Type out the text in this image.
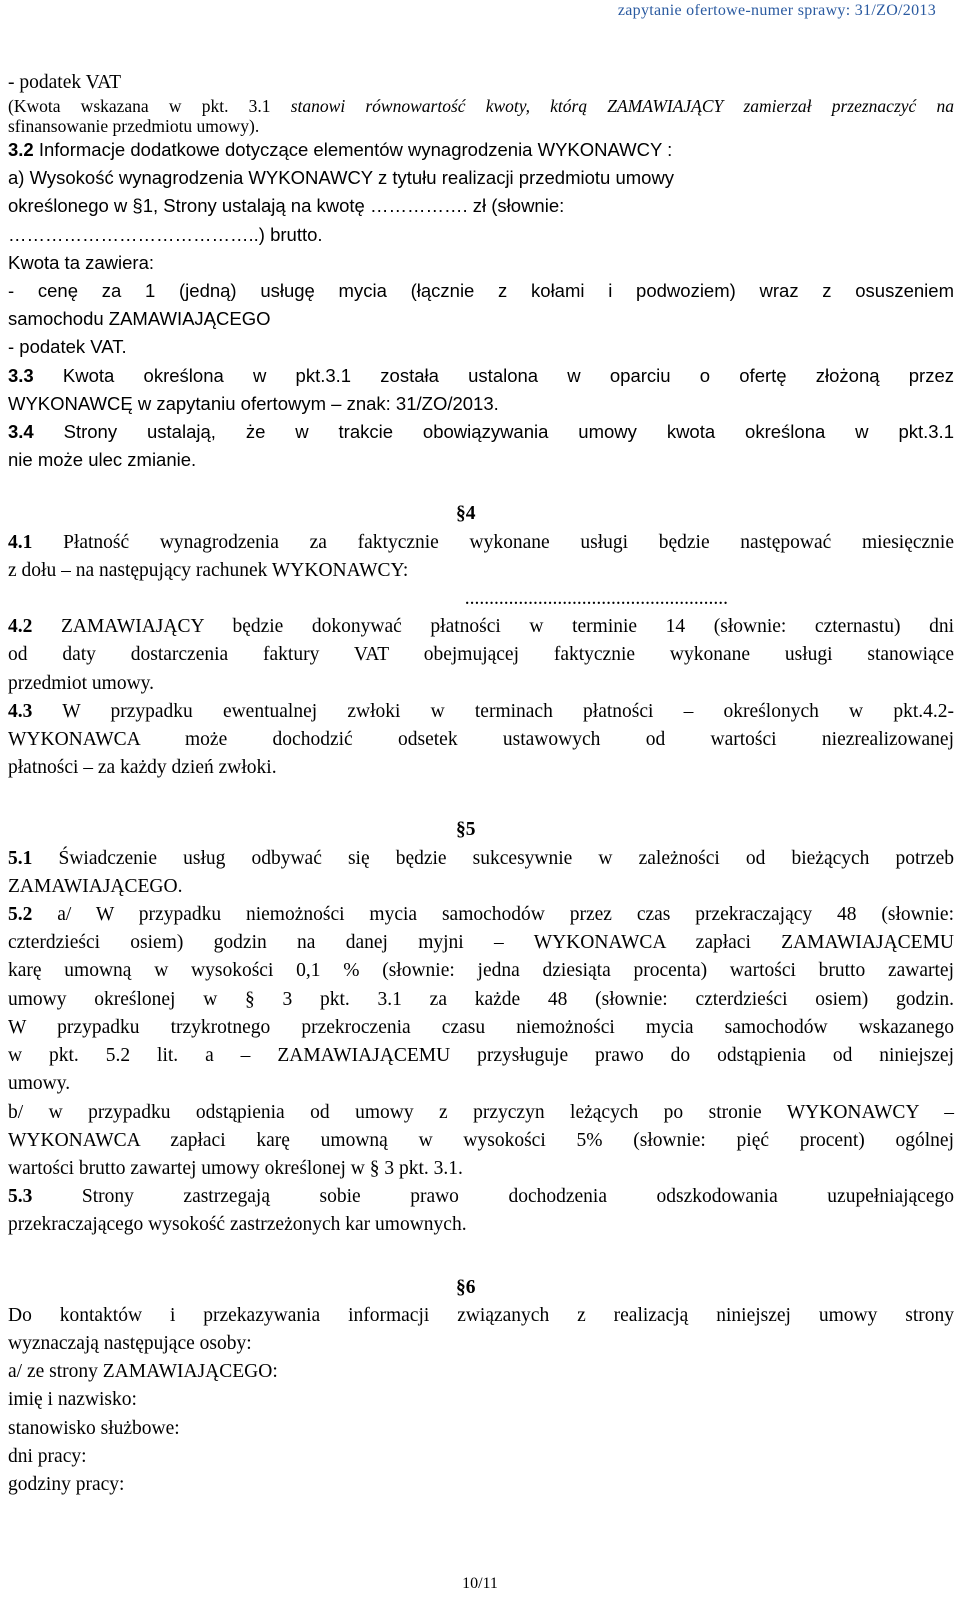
zapytanie ofertowe-numer sprawy: 31/ZO/2013
- podatek VAT
(Kwota wskazana w pkt. 3.1 stanowi równowartość kwoty, którą ZAMAWIAJĄCY zamierzał przeznaczyć na
sfinansowanie przedmiotu umowy).
3.2 Informacje dodatkowe dotyczące elementów wynagrodzenia WYKONAWCY :
a) Wysokość wynagrodzenia WYKONAWCY z tytułu realizacji przedmiotu umowy
określonego w §1, Strony ustalają na kwotę ……………. zł (słownie:
…………………………………..) brutto.
Kwota ta zawiera:
- cenę za 1 (jedną) usługę mycia (łącznie z kołami i podwoziem) wraz z osuszeniem
samochodu ZAMAWIAJĄCEGO
- podatek VAT.
3.3 Kwota określona w pkt.3.1 została ustalona w oparciu o ofertę złożoną przez
WYKONAWCĘ w zapytaniu ofertowym – znak: 31/ZO/2013.
3.4 Strony ustalają, że w trakcie obowiązywania umowy kwota określona w pkt.3.1
nie może ulec zmianie.
§4
4.1 Płatność wynagrodzenia za faktycznie wykonane usługi będzie następować miesięcznie
z dołu – na następujący rachunek WYKONAWCY:
......................................................
4.2 ZAMAWIAJĄCY będzie dokonywać płatności w terminie 14 (słownie: czternastu) dni
od daty dostarczenia faktury VAT obejmującej faktycznie wykonane usługi stanowiące
przedmiot umowy.
4.3 W przypadku ewentualnej zwłoki w terminach płatności – określonych w pkt.4.2-
WYKONAWCA może dochodzić odsetek ustawowych od wartości niezrealizowanej
płatności – za każdy dzień zwłoki.
§5
5.1 Świadczenie usług odbywać się będzie sukcesywnie w zależności od bieżących potrzeb
ZAMAWIAJĄCEGO.
5.2 a/ W przypadku niemożności mycia samochodów przez czas przekraczający 48 (słownie:
czterdzieści osiem) godzin na danej myjni – WYKONAWCA zapłaci ZAMAWIAJĄCEMU
karę umowną w wysokości 0,1 % (słownie: jedna dziesiąta procenta) wartości brutto zawartej
umowy określonej w § 3 pkt. 3.1 za każde 48 (słownie: czterdzieści osiem) godzin.
W przypadku trzykrotnego przekroczenia czasu niemożności mycia samochodów wskazanego
w pkt. 5.2 lit. a – ZAMAWIAJĄCEMU przysługuje prawo do odstąpienia od niniejszej
umowy.
b/ w przypadku odstąpienia od umowy z przyczyn leżących po stronie WYKONAWCY –
WYKONAWCA zapłaci karę umowną w wysokości 5% (słownie: pięć procent) ogólnej
wartości brutto zawartej umowy określonej w § 3 pkt. 3.1.
5.3 Strony zastrzegają sobie prawo dochodzenia odszkodowania uzupełniającego
przekraczającego wysokość zastrzeżonych kar umownych.
§6
Do kontaktów i przekazywania informacji związanych z realizacją niniejszej umowy strony
wyznaczają następujące osoby:
a/ ze strony ZAMAWIAJĄCEGO:
imię i nazwisko:
stanowisko służbowe:
dni pracy:
godziny pracy:
10/11
